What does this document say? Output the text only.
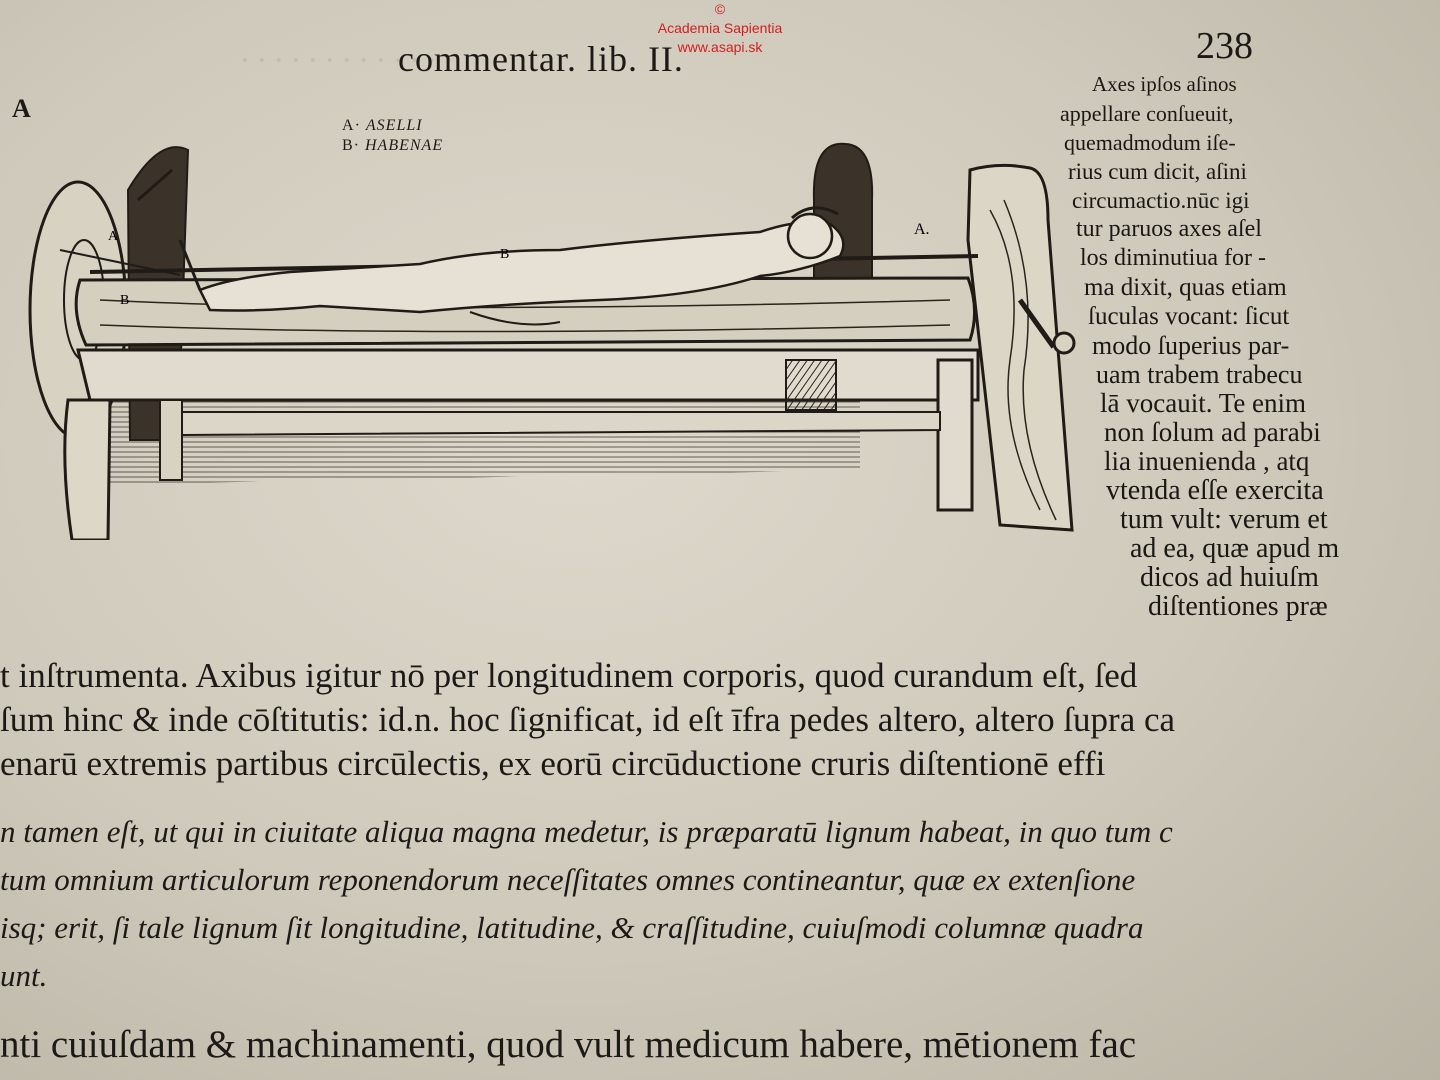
©
Academia Sapientia
www.asapi.sk
· · · · · · · · · · · · ·
commentar. lib. II.	238
A
A· ASELLI
B· HABENAE
A	A.
B
B
Axes ipſos aſinos
appellare conſueuit,
quemadmodum iſe-
rius cum dicit, aſini
circumactio.nūc igi
tur paruos axes aſel
los diminutiua for -
ma dixit, quas etiam
ſuculas vocant: ſicut
modo ſuperius par-
uam trabem trabecu
lā vocauit. Te enim
non ſolum ad parabi
lia inuenienda , atq
vtenda eſſe exercita
tum vult: verum et
ad ea, quæ apud m
dicos ad huiuſm
diſtentiones præ
t inſtrumenta. Axibus igitur nō per longitudinem corporis, quod curandum eſt, ſed
ſum hinc & inde cōſtitutis: id.n. hoc ſignificat, id eſt īfra pedes altero, altero ſupra ca
enarū extremis partibus circūlectis, ex eorū circūductione cruris diſtentionē effi
n tamen eſt, ut qui in ciuitate aliqua magna medetur, is præparatū lignum habeat, in quo tum c
tum omnium articulorum reponendorum neceſſitates omnes contineantur, quæ ex extenſione
isq; erit, ſi tale lignum ſit longitudine, latitudine, & craſſitudine, cuiuſmodi columnæ quadra
unt.
nti cuiuſdam & machinamenti, quod vult medicum habere, mētionem fac
